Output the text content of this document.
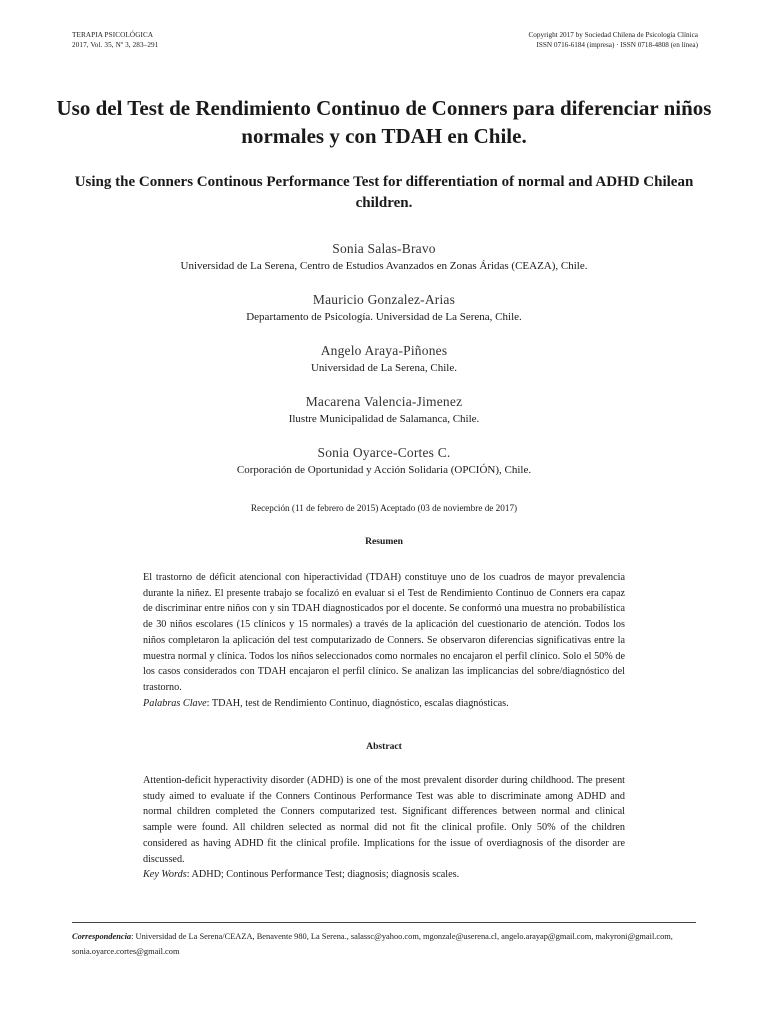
TERAPIA PSICOLÓGICA
2017, Vol. 35, Nº 3, 283–291
Copyright 2017 by Sociedad Chilena de Psicología Clínica
ISSN 0716-6184 (impresa) · ISSN 0718-4808 (en línea)
Uso del Test de Rendimiento Continuo de Conners para diferenciar niños normales y con TDAH en Chile.
Using the Conners Continous Performance Test for differentiation of normal and ADHD Chilean children.
Sonia Salas-Bravo
Universidad de La Serena, Centro de Estudios Avanzados en Zonas Áridas (CEAZA), Chile.
Mauricio Gonzalez-Arias
Departamento de Psicología. Universidad de La Serena, Chile.
Angelo Araya-Piñones
Universidad de La Serena, Chile.
Macarena Valencia-Jimenez
Ilustre Municipalidad de Salamanca, Chile.
Sonia Oyarce-Cortes C.
Corporación de Oportunidad y Acción Solidaria (OPCIÓN), Chile.
Recepción (11 de febrero de 2015) Aceptado (03 de noviembre de 2017)
Resumen
El trastorno de déficit atencional con hiperactividad (TDAH) constituye uno de los cuadros de mayor prevalencia durante la niñez. El presente trabajo se focalizó en evaluar si el Test de Rendimiento Continuo de Conners era capaz de discriminar entre niños con y sin TDAH diagnosticados por el docente. Se conformó una muestra no probabilística de 30 niños escolares (15 clínicos y 15 normales) a través de la aplicación del cuestionario de atención. Todos los niños completaron la aplicación del test computarizado de Conners. Se observaron diferencias significativas entre la muestra normal y clínica. Todos los niños seleccionados como normales no encajaron el perfil clínico. Solo el 50% de los casos considerados con TDAH encajaron el perfil clínico. Se analizan las implicancias del sobre/diagnóstico del trastorno.
Palabras Clave: TDAH, test de Rendimiento Continuo, diagnóstico, escalas diagnósticas.
Abstract
Attention-deficit hyperactivity disorder (ADHD) is one of the most prevalent disorder during childhood. The present study aimed to evaluate if the Conners Continous Performance Test was able to discriminate among ADHD and normal children completed the Conners computarized test. Significant differences between normal and clinical sample were found. All children selected as normal did not fit the clinical profile. Only 50% of the children considered as having ADHD fit the clinical profile. Implications for the issue of overdiagnosis of the disorder are discussed.
Key Words: ADHD; Continous Performance Test; diagnosis; diagnosis scales.

Correspondencia: Universidad de La Serena/CEAZA, Benavente 980, La Serena., salassc@yahoo.com, mgonzale@userena.cl, angelo.arayap@gmail.com, makyroni@gmail.com, sonia.oyarce.cortes@gmail.com
